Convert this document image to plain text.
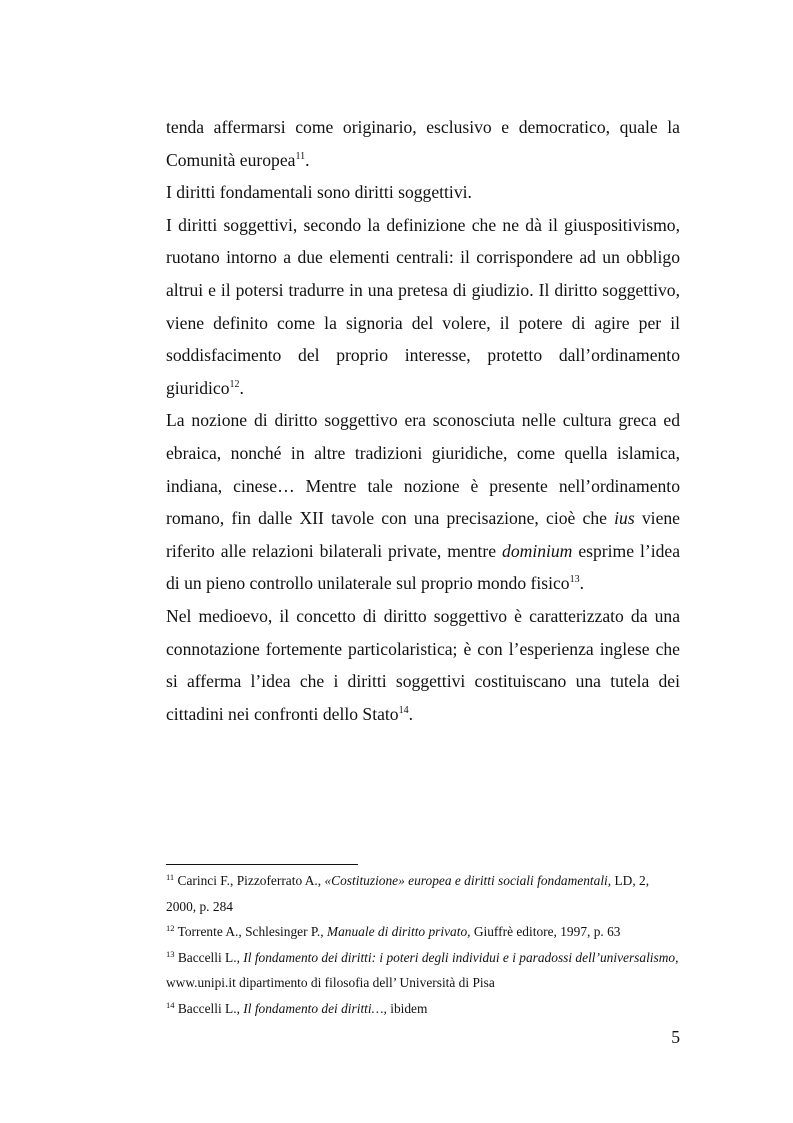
tenda affermarsi come originario, esclusivo e democratico, quale la Comunità europea$^{11}$.

I diritti fondamentali sono diritti soggettivi.

I diritti soggettivi, secondo la definizione che ne dà il giuspositivismo, ruotano intorno a due elementi centrali: il corrispondere ad un obbligo altrui e il potersi tradurre in una pretesa di giudizio. Il diritto soggettivo, viene definito come la signoria del volere, il potere di agire per il soddisfacimento del proprio interesse, protetto dall’ordinamento giuridico$^{12}$.

La nozione di diritto soggettivo era sconosciuta nelle cultura greca ed ebraica, nonché in altre tradizioni giuridiche, come quella islamica, indiana, cinese… Mentre tale nozione è presente nell’ordinamento romano, fin dalle XII tavole con una precisazione, cioè che ius viene riferito alle relazioni bilaterali private, mentre dominium esprime l’idea di un pieno controllo unilaterale sul proprio mondo fisico$^{13}$.

Nel medioevo, il concetto di diritto soggettivo è caratterizzato da una connotazione fortemente particolaristica; è con l’esperienza inglese che si afferma l’idea che i diritti soggettivi costituiscano una tutela dei cittadini nei confronti dello Stato$^{14}$.

$^{11}$ Carinci F., Pizzoferrato A., «Costituzione» europea e diritti sociali fondamentali, LD, 2, 2000, p. 284

$^{12}$ Torrente A., Schlesinger P., Manuale di diritto privato, Giuffrè editore, 1997, p. 63

$^{13}$ Baccelli L., Il fondamento dei diritti: i poteri degli individui e i paradossi dell’universalismo, www.unipi.it dipartimento di filosofia dell’ Università di Pisa

$^{14}$ Baccelli L., Il fondamento dei diritti…, ibidem

5
